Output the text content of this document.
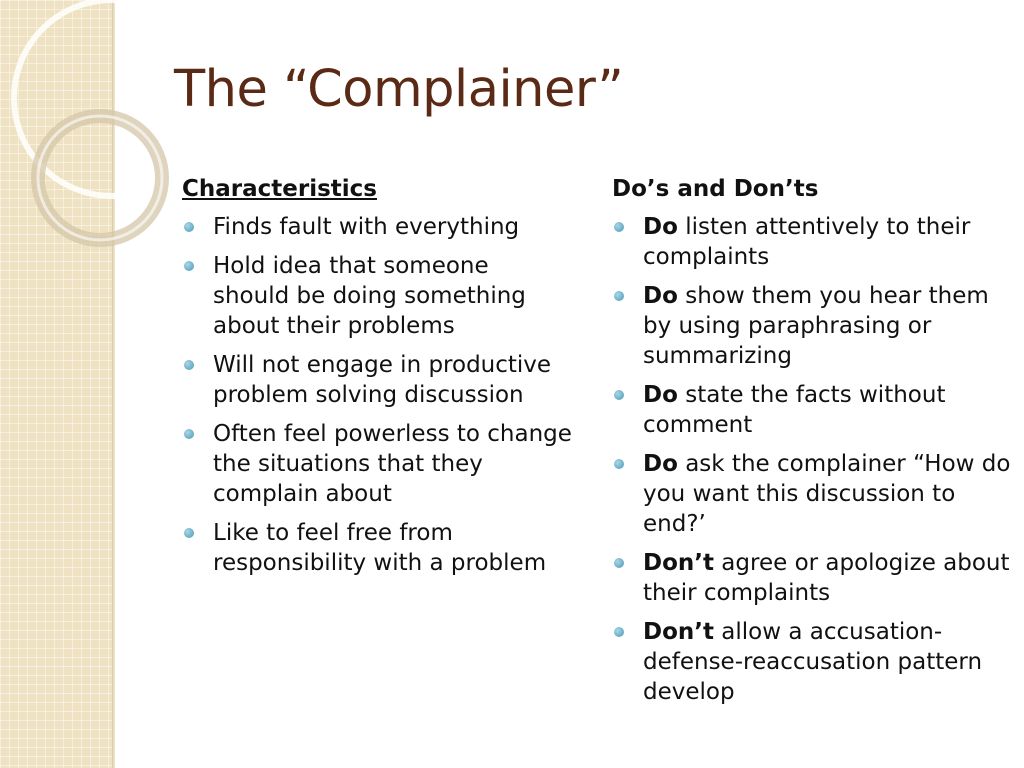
The “Complainer”
Characteristics
Finds fault with everything
Hold idea that someone should be doing something about their problems
Will not engage in productive problem solving discussion
Often feel powerless to change the situations that they complain about
Like to feel free from responsibility with a problem
Do’s and Don’ts
Do listen attentively to their complaints
Do show them you hear them by using paraphrasing or summarizing
Do state the facts without comment
Do ask the complainer “How do you want this discussion to end?’
Don’t agree or apologize about their complaints
Don’t allow a accusation-defense-reaccusation pattern develop
